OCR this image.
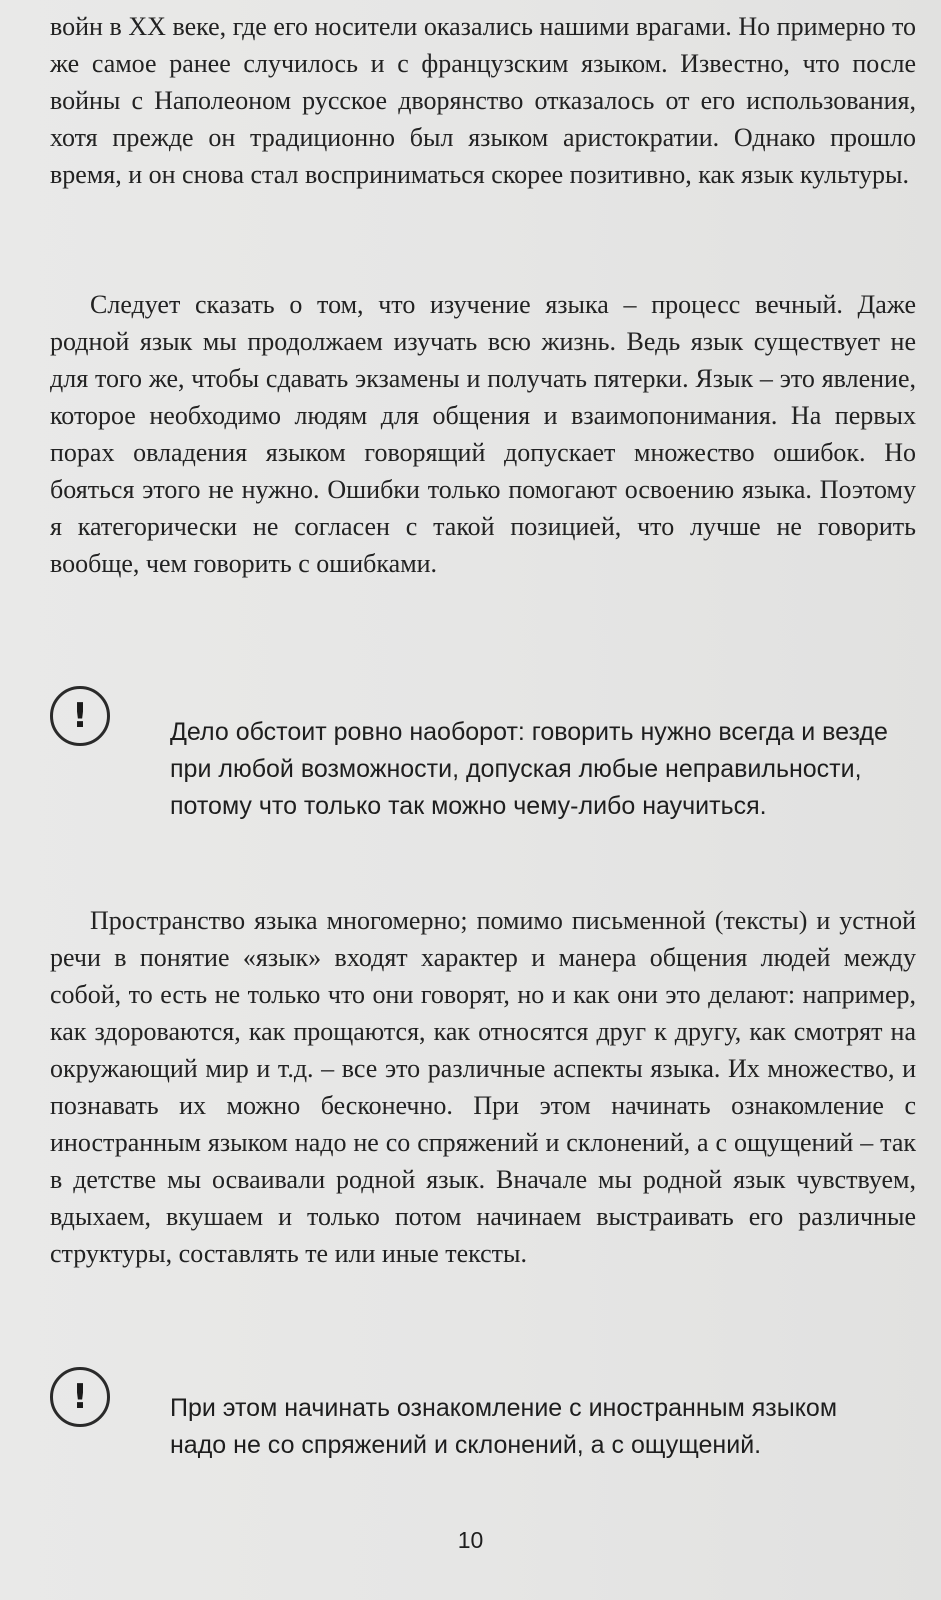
войн в XX веке, где его носители оказались нашими врагами. Но примерно то же самое ранее случилось и с французским языком. Известно, что после войны с Наполеоном русское дворянство отказалось от его использования, хотя прежде он традиционно был языком аристократии. Однако прошло время, и он снова стал восприниматься скорее позитивно, как язык культуры.

Следует сказать о том, что изучение языка – процесс вечный. Даже родной язык мы продолжаем изучать всю жизнь. Ведь язык существует не для того же, чтобы сдавать экзамены и получать пятерки. Язык – это явление, которое необходимо людям для общения и взаимопонимания. На первых порах овладения языком говорящий допускает множество ошибок. Но бояться этого не нужно. Ошибки только помогают освоению языка. Поэтому я категорически не согласен с такой позицией, что лучше не говорить вообще, чем говорить с ошибками.

!	Дело обстоит ровно наоборот: говорить нужно всегда и везде при любой возможности, допуская любые неправильности, потому что только так можно чему-либо научиться.

Пространство языка многомерно; помимо письменной (тексты) и устной речи в понятие «язык» входят характер и манера общения людей между собой, то есть не только что они говорят, но и как они это делают: например, как здороваются, как прощаются, как относятся друг к другу, как смотрят на окружающий мир и т.д. – все это различные аспекты языка. Их множество, и познавать их можно бесконечно. При этом начинать ознакомление с иностранным языком надо не со спряжений и склонений, а с ощущений – так в детстве мы осваивали родной язык. Вначале мы родной язык чувствуем, вдыхаем, вкушаем и только потом начинаем выстраивать его различные структуры, составлять те или иные тексты.

!	При этом начинать ознакомление с иностранным языком надо не со спряжений и склонений, а с ощущений.

10
